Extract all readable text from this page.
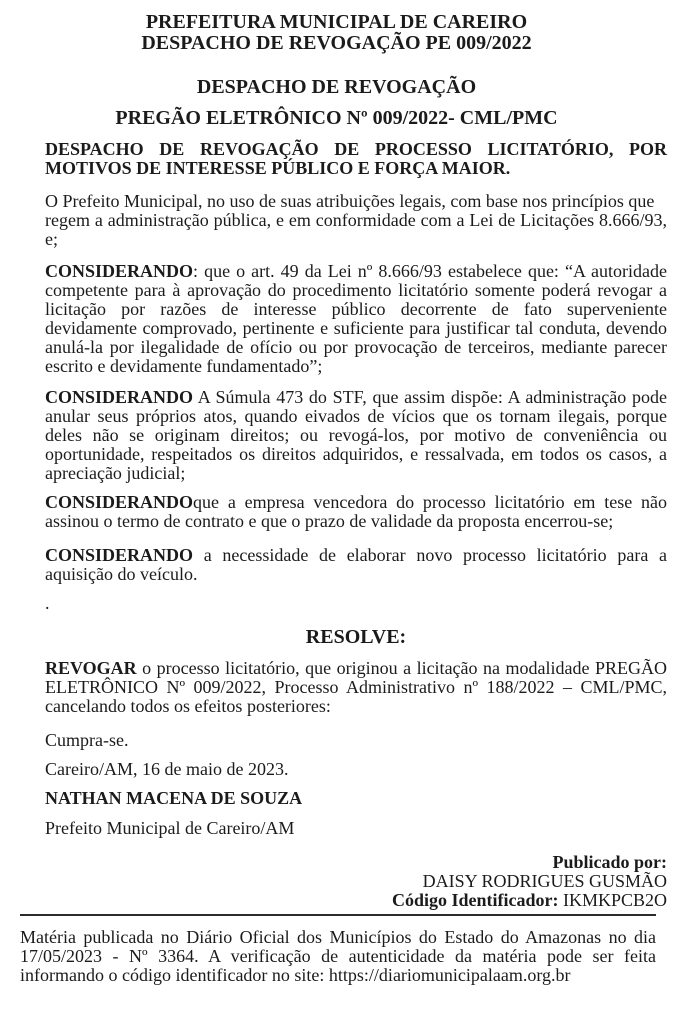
PREFEITURA MUNICIPAL DE CAREIRO
DESPACHO DE REVOGAÇÃO PE 009/2022
DESPACHO DE REVOGAÇÃO
PREGÃO ELETRÔNICO Nº 009/2022- CML/PMC

DESPACHO DE REVOGAÇÃO DE PROCESSO LICITATÓRIO, POR MOTIVOS DE INTERESSE PÚBLICO E FORÇA MAIOR.

O Prefeito Municipal, no uso de suas atribuições legais, com base nos princípios que
regem a administração pública, e em conformidade com a Lei de Licitações 8.666/93, e;

CONSIDERANDO: que o art. 49 da Lei nº 8.666/93 estabelece que: “A autoridade competente para à aprovação do procedimento licitatório somente poderá revogar a licitação por razões de interesse público decorrente de fato superveniente devidamente comprovado, pertinente e suficiente para justificar tal conduta, devendo anulá-la por ilegalidade de ofício ou por provocação de terceiros, mediante parecer escrito e devidamente fundamentado”;

CONSIDERANDO A Súmula 473 do STF, que assim dispõe: A administração pode anular seus próprios atos, quando eivados de vícios que os tornam ilegais, porque deles não se originam direitos; ou revogá-los, por motivo de conveniência ou oportunidade, respeitados os direitos adquiridos, e ressalvada, em todos os casos, a apreciação judicial;

CONSIDERANDOque a empresa vencedora do processo licitatório em tese não assinou o termo de contrato e que o prazo de validade da proposta encerrou-se;

CONSIDERANDO a necessidade de elaborar novo processo licitatório para a aquisição do veículo.

.

RESOLVE:

REVOGAR o processo licitatório, que originou a licitação na modalidade PREGÃO ELETRÔNICO Nº 009/2022, Processo Administrativo nº 188/2022 – CML/PMC, cancelando todos os efeitos posteriores:

Cumpra-se.

Careiro/AM, 16 de maio de 2023.

NATHAN MACENA DE SOUZA

Prefeito Municipal de Careiro/AM

Publicado por:
DAISY RODRIGUES GUSMÃO
Código Identificador: IKMKPCB2O

Matéria publicada no Diário Oficial dos Municípios do Estado do Amazonas no dia 17/05/2023 - Nº 3364. A verificação de autenticidade da matéria pode ser feita informando o código identificador no site: https://diariomunicipalaam.org.br
